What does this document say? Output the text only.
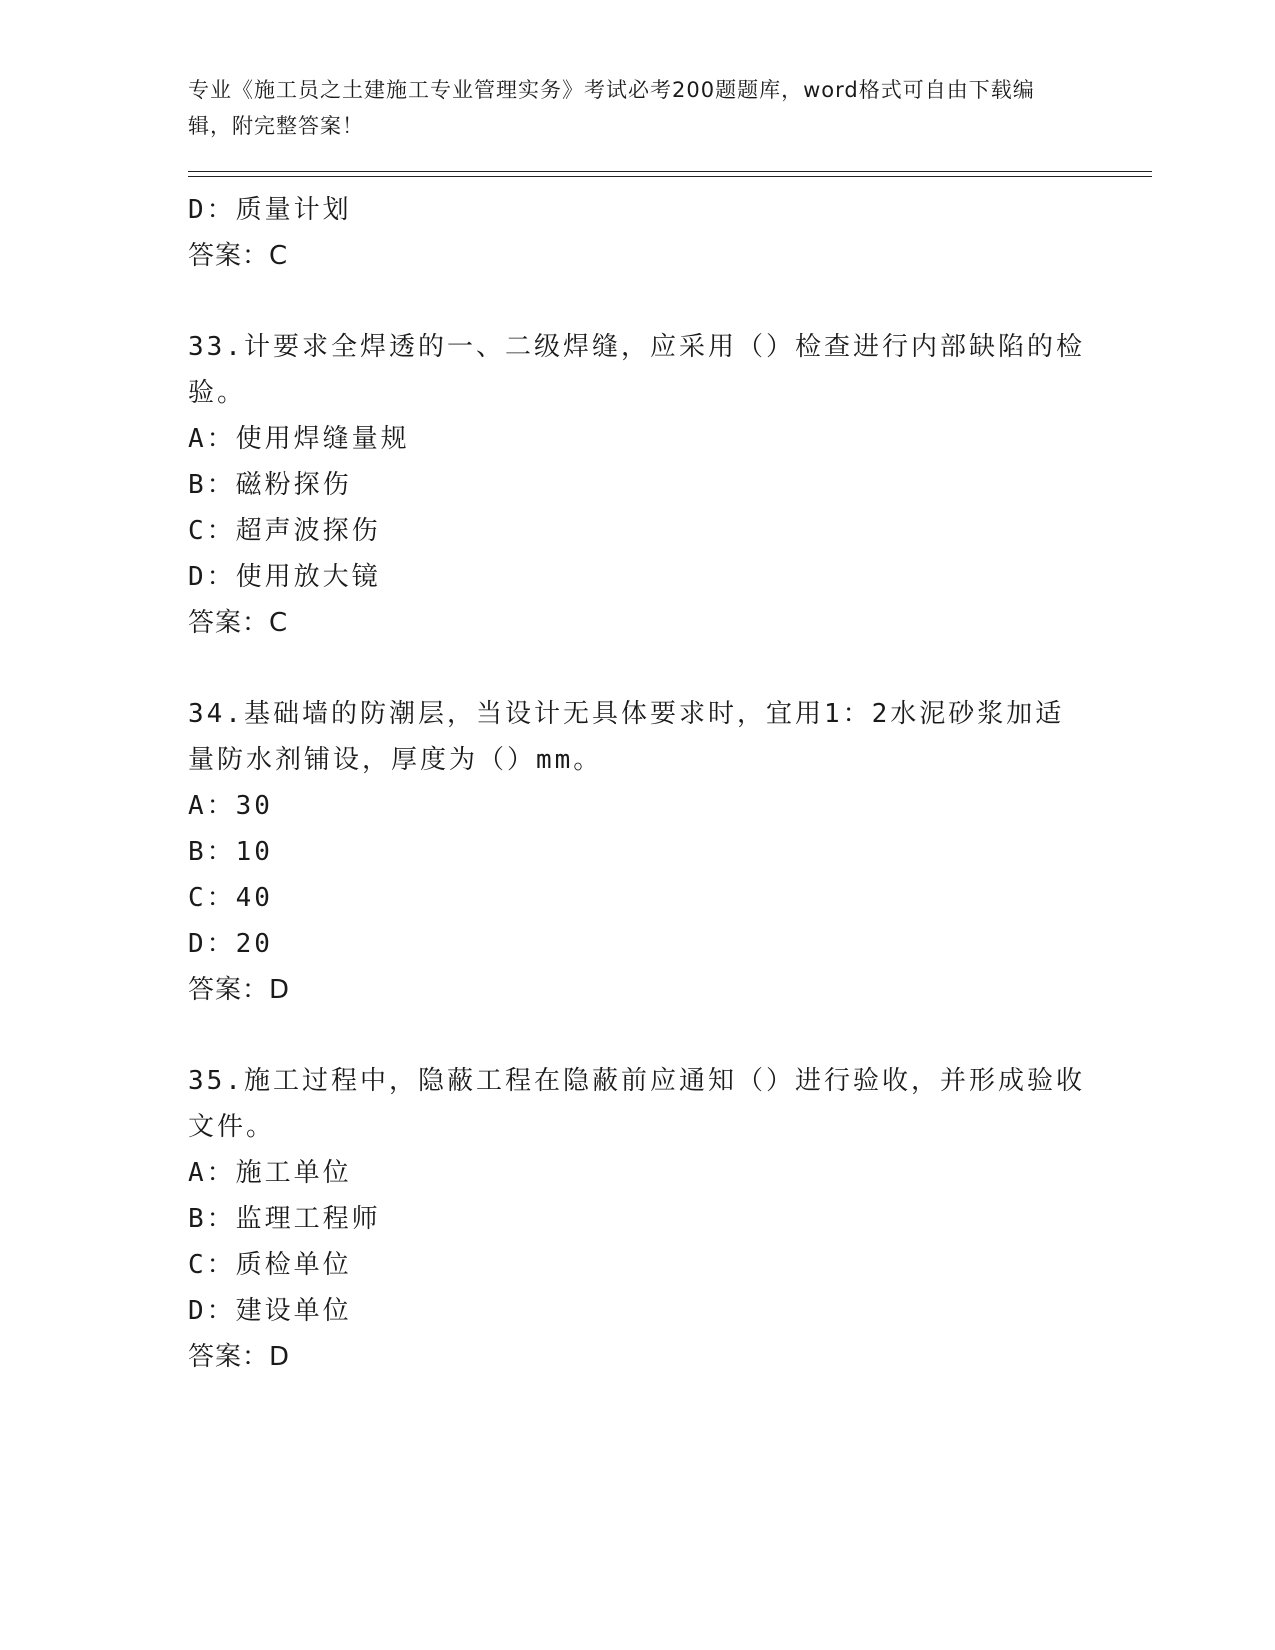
专业《施工员之土建施工专业管理实务》考试必考200题题库，word格式可自由下载编辑，附完整答案！
D：质量计划
答案：C
33.计要求全焊透的一、二级焊缝，应采用（）检查进行内部缺陷的检验。
A：使用焊缝量规
B：磁粉探伤
C：超声波探伤
D：使用放大镜
答案：C
34.基础墙的防潮层，当设计无具体要求时，宜用1：2水泥砂浆加适量防水剂铺设，厚度为（）mm。
A：30
B：10
C：40
D：20
答案：D
35.施工过程中，隐蔽工程在隐蔽前应通知（）进行验收，并形成验收文件。
A：施工单位
B：监理工程师
C：质检单位
D：建设单位
答案：D
